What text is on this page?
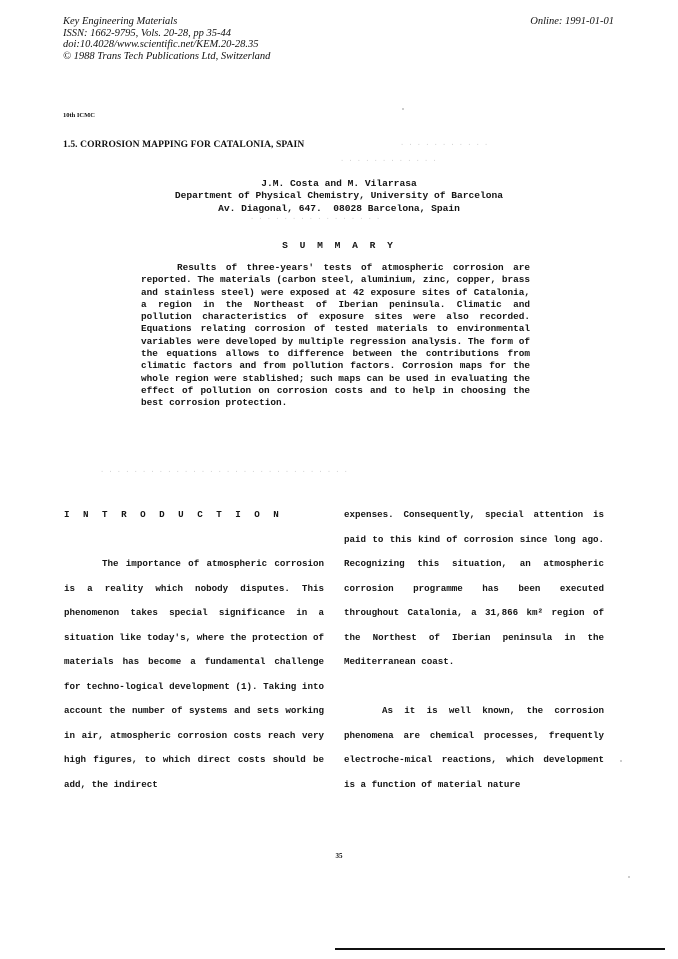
Key Engineering Materials
ISSN: 1662-9795, Vols. 20-28, pp 35-44
doi:10.4028/www.scientific.net/KEM.20-28.35
© 1988 Trans Tech Publications Ltd, Switzerland
Online: 1991-01-01
10th ICMC
1.5. CORROSION MAPPING FOR CATALONIA, SPAIN	. . . . . . . . . . .
. . . . . . . . . . . .
. . . . . . . . . . . . . . . .
. . . . . . . . . . . . . . . . . . . . . . . . . . . . . .
J.M. Costa and M. Vilarrasa
Department of Physical Chemistry, University of Barcelona
Av. Diagonal, 647.  08028 Barcelona, Spain
S U M M A R Y

Results of three-years' tests of atmospheric corrosion are reported. The materials (carbon steel, aluminium, zinc, copper, brass and stainless steel) were exposed at 42 exposure sites of Catalonia, a region in the Northeast of Iberian peninsula. Climatic and pollution characteristics of exposure sites were also recorded. Equations relating corrosion of tested materials to environmental variables were developed by multiple regression analysis. The form of the equations allows to difference between the contributions from climatic factors and from pollution factors. Corrosion maps for the whole region were stablished; such maps can be used in evaluating the effect of pollution on corrosion costs and to help in choosing the best corrosion protection.

I N T R O D U C T I O N

The importance of atmospheric corrosion is a reality which nobody disputes. This phenomenon takes special significance in a situation like today's, where the protection of materials has become a fundamental challenge for techno-logical development (1). Taking into account the number of systems and sets working in air, atmospheric corrosion costs reach very high figures, to which direct costs should be add, the indirect

expenses. Consequently, special attention is paid to this kind of corrosion since long ago. Recognizing this situation, an atmospheric corrosion programme has been executed throughout Catalonia, a 31,866 km² region of the Northest of Iberian peninsula in the Mediterranean coast.

As it is well known, the corrosion phenomena are chemical processes, frequently electroche-mical reactions, which development is a function of material nature

35
